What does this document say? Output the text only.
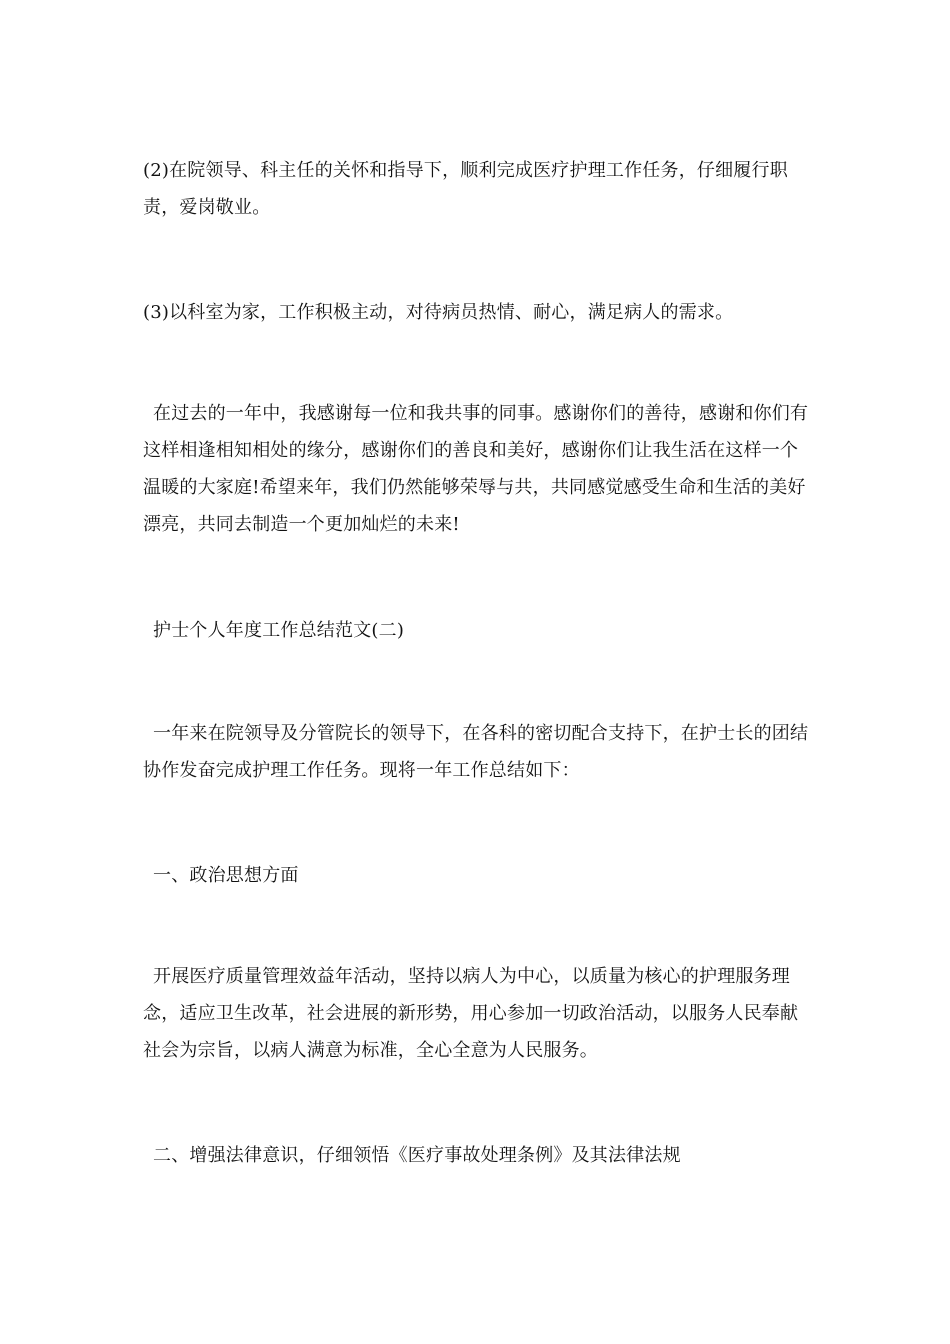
(2)在院领导、科主任的关怀和指导下，顺利完成医疗护理工作任务，仔细履行职责，爱岗敬业。

(3)以科室为家，工作积极主动，对待病员热情、耐心，满足病人的需求。

在过去的一年中，我感谢每一位和我共事的同事。感谢你们的善待，感谢和你们有这样相逢相知相处的缘分，感谢你们的善良和美好，感谢你们让我生活在这样一个温暖的大家庭!希望来年，我们仍然能够荣辱与共，共同感觉感受生命和生活的美好漂亮，共同去制造一个更加灿烂的未来!

护士个人年度工作总结范文(二)

一年来在院领导及分管院长的领导下，在各科的密切配合支持下，在护士长的团结协作发奋完成护理工作任务。现将一年工作总结如下：

一、政治思想方面

开展医疗质量管理效益年活动，坚持以病人为中心，以质量为核心的护理服务理念，适应卫生改革，社会进展的新形势，用心参加一切政治活动，以服务人民奉献社会为宗旨，以病人满意为标准，全心全意为人民服务。

二、增强法律意识，仔细领悟《医疗事故处理条例》及其法律法规
